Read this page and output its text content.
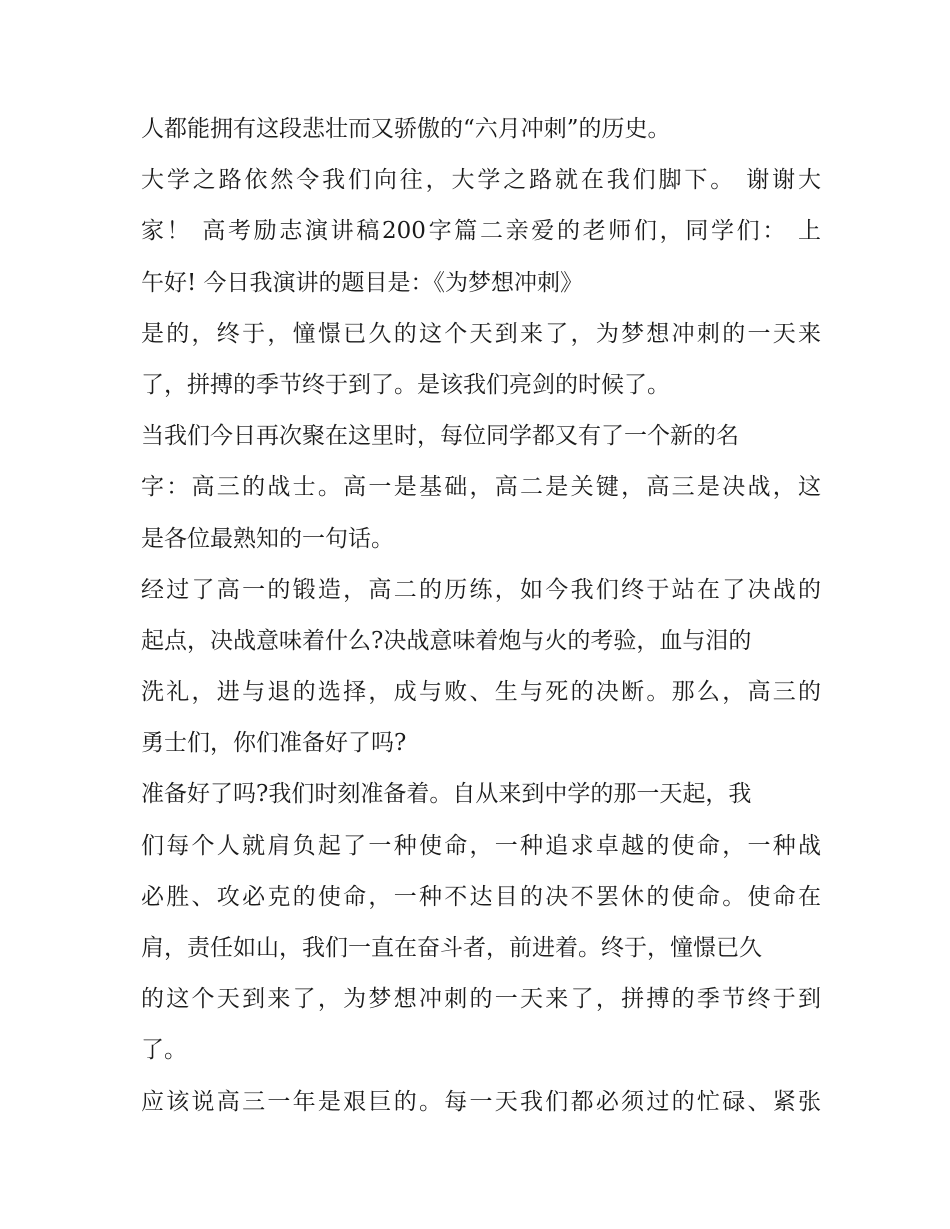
人都能拥有这段悲壮而又骄傲的“六月冲刺”的历史。
大学之路依然令我们向往，大学之路就在我们脚下。 谢谢大
家！ 高考励志演讲稿200字篇二亲爱的老师们，同学们： 上
午好! 今日我演讲的题目是：《为梦想冲刺》
是的，终于，憧憬已久的这个天到来了，为梦想冲刺的一天来
了，拼搏的季节终于到了。是该我们亮剑的时候了。
当我们今日再次聚在这里时，每位同学都又有了一个新的名
字：高三的战士。高一是基础，高二是关键，高三是决战，这
是各位最熟知的一句话。
经过了高一的锻造，高二的历练，如今我们终于站在了决战的
起点，决战意味着什么?决战意味着炮与火的考验，血与泪的
洗礼，进与退的选择，成与败、生与死的决断。那么，高三的
勇士们，你们准备好了吗?
准备好了吗?我们时刻准备着。自从来到中学的那一天起，我
们每个人就肩负起了一种使命，一种追求卓越的使命，一种战
必胜、攻必克的使命，一种不达目的决不罢休的使命。使命在
肩，责任如山，我们一直在奋斗者，前进着。终于，憧憬已久
的这个天到来了，为梦想冲刺的一天来了，拼搏的季节终于到
了。
应该说高三一年是艰巨的。每一天我们都必须过的忙碌、紧张
